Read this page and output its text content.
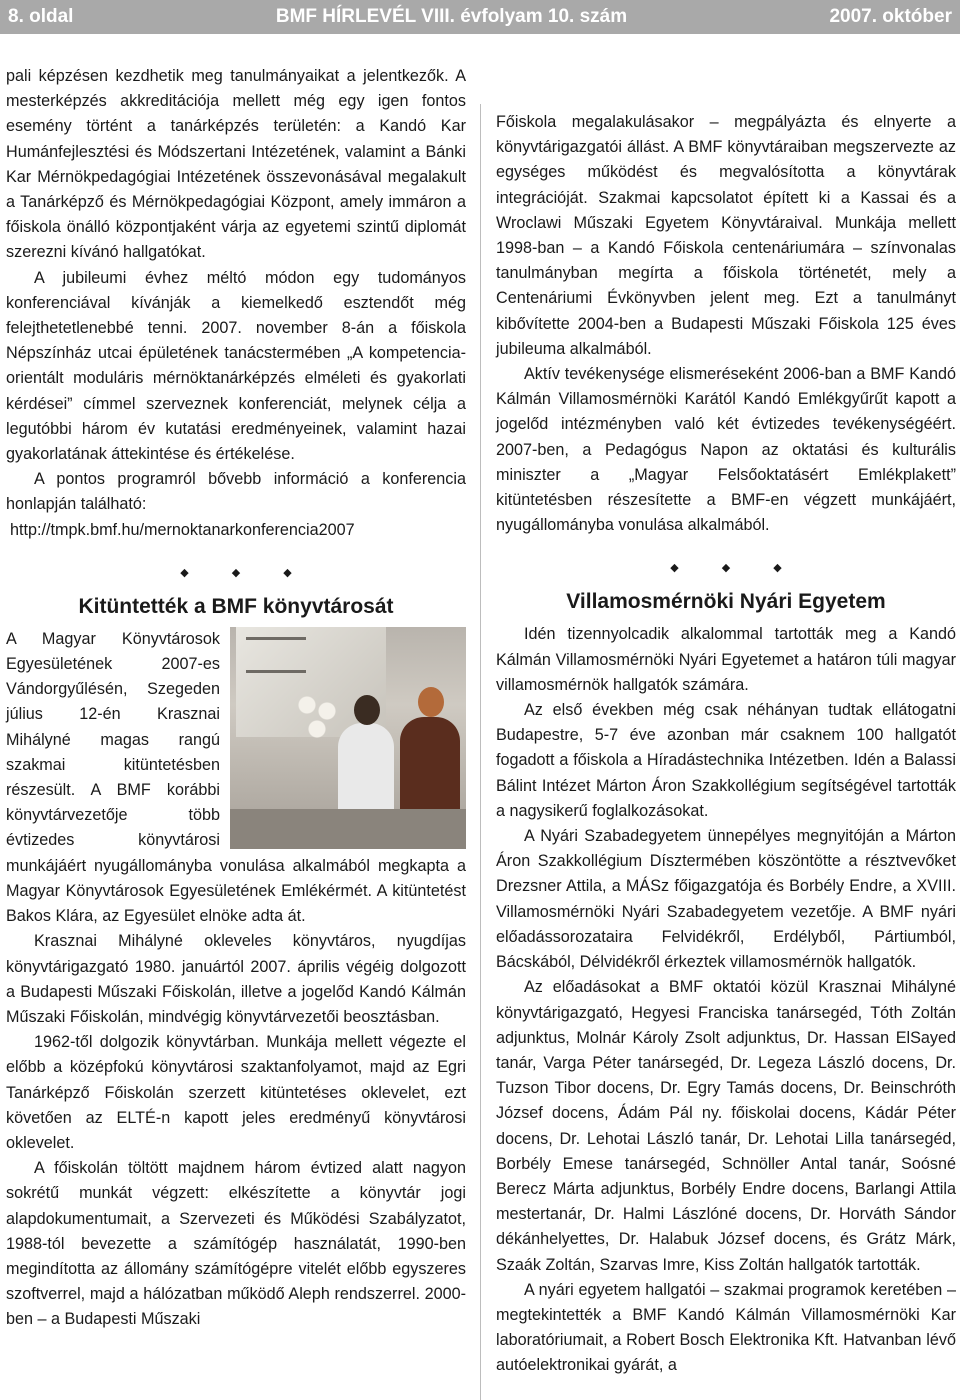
8. oldal	BMF HÍRLEVÉL VIII. évfolyam 10. szám	2007. október

pali képzésen kezdhetik meg tanulmányaikat a jelentkezők. A mesterképzés akkreditációja mellett még egy igen fontos esemény történt a tanárképzés területén: a Kandó Kar Humánfejlesztési és Módszertani Intézetének, valamint a Bánki Kar Mérnökpedagógiai Intézetének összevonásával megalakult a Tanárképző és Mérnökpedagógiai Központ, amely immáron a főiskola önálló központjaként várja az egyetemi szintű diplomát szerezni kívánó hallgatókat.

A jubileumi évhez méltó módon egy tudományos konferenciával kívánják a kiemelkedő esztendőt még felejthetetlenebbé tenni. 2007. november 8-án a főiskola Népszínház utcai épületének tanácstermében „A kompetencia-orientált moduláris mérnöktanárképzés elméleti és gyakorlati kérdései” címmel szerveznek konferenciát, melynek célja a legutóbbi három év kutatási eredményeinek, valamint hazai gyakorlatának áttekintése és értékelése.

A pontos programról bővebb információ a konferencia honlapján található:

http://tmpk.bmf.hu/mernoktanarkonferencia2007

◆ ◆ ◆
Kitüntették a BMF könyvtárosát

A Magyar Könyvtárosok Egyesületének 2007-es Vándorgyűlésén, Szegeden július 12-én Krasznai Mihályné magas rangú szakmai kitüntetésben részesült. A BMF korábbi könyvtárvezetője több évtizedes könyvtárosi munkájáért nyugállományba vonulása alkalmából megkapta a Magyar Könyvtárosok Egyesületének Emlékérmét. A kitüntetést Bakos Klára, az Egyesület elnöke adta át.

Krasznai Mihályné okleveles könyvtáros, nyugdíjas könyvtárigazgató 1980. januártól 2007. április végéig dolgozott a Budapesti Műszaki Főiskolán, illetve a jogelőd Kandó Kálmán Műszaki Főiskolán, mindvégig könyvtárvezetői beosztásban.

1962-től dolgozik könyvtárban. Munkája mellett végezte el előbb a középfokú könyvtárosi szaktanfolyamot, majd az Egri Tanárképző Főiskolán szerzett kitüntetéses oklevelet, ezt követően az ELTÉ-n kapott jeles eredményű könyvtárosi oklevelet.

A főiskolán töltött majdnem három évtized alatt nagyon sokrétű munkát végzett: elkészítette a könyvtár jogi alapdokumentumait, a Szervezeti és Működési Szabályzatot, 1988-tól bevezette a számítógép használatát, 1990-ben megindította az állomány számítógépre vitelét előbb egyszeres szoftverrel, majd a hálózatban működő Aleph rendszerrel. 2000-ben – a Budapesti Műszaki

Főiskola megalakulásakor – megpályázta és elnyerte a könyvtárigazgatói állást. A BMF könyvtáraiban megszervezte az egységes működést és megvalósította a könyvtárak integrációját. Szakmai kapcsolatot épített ki a Kassai és a Wroclawi Műszaki Egyetem Könyvtáraival. Munkája mellett 1998-ban – a Kandó Főiskola centenáriumára – színvonalas tanulmányban megírta a főiskola történetét, mely a Centenáriumi Évkönyvben jelent meg. Ezt a tanulmányt kibővítette 2004-ben a Budapesti Műszaki Főiskola 125 éves jubileuma alkalmából.

Aktív tevékenysége elismeréseként 2006-ban a BMF Kandó Kálmán Villamosmérnöki Karától Kandó Emlékgyűrűt kapott a jogelőd intézményben való két évtizedes tevékenységéért. 2007-ben, a Pedagógus Napon az oktatási és kulturális miniszter a „Magyar Felsőoktatásért Emlékplakett” kitüntetésben részesítette a BMF-en végzett munkájáért, nyugállományba vonulása alkalmából.

◆ ◆ ◆
Villamosmérnöki Nyári Egyetem

Idén tizennyolcadik alkalommal tartották meg a Kandó Kálmán Villamosmérnöki Nyári Egyetemet a határon túli magyar villamosmérnök hallgatók számára.

Az első években még csak néhányan tudtak ellátogatni Budapestre, 5-7 éve azonban már csaknem 100 hallgatót fogadott a főiskola a Híradástechnika Intézetben. Idén a Balassi Bálint Intézet Márton Áron Szakkollégium segítségével tartották a nagysikerű foglalkozásokat.

A Nyári Szabadegyetem ünnepélyes megnyitóján a Márton Áron Szakkollégium Dísztermében köszöntötte a résztvevőket Drezsner Attila, a MÁSz főigazgatója és Borbély Endre, a XVIII. Villamosmérnöki Nyári Szabadegyetem vezetője. A BMF nyári előadássorozataira Felvidékről, Erdélyből, Pártiumból, Bácskából, Délvidékről érkeztek villamosmérnök hallgatók.

Az előadásokat a BMF oktatói közül Krasznai Mihályné könyvtárigazgató, Hegyesi Franciska tanársegéd, Tóth Zoltán adjunktus, Molnár Károly Zsolt adjunktus, Dr. Hassan ElSayed tanár, Varga Péter tanársegéd, Dr. Legeza László docens, Dr. Tuzson Tibor docens, Dr. Egry Tamás docens, Dr. Beinschróth József docens, Ádám Pál ny. főiskolai docens, Kádár Péter docens, Dr. Lehotai László tanár, Dr. Lehotai Lilla tanársegéd, Borbély Emese tanársegéd, Schnöller Antal tanár, Soósné Berecz Márta adjunktus, Borbély Endre docens, Barlangi Attila mestertanár, Dr. Halmi Lászlóné docens, Dr. Horváth Sándor dékánhelyettes, Dr. Halabuk József docens, és Grátz Márk, Szaák Zoltán, Szarvas Imre, Kiss Zoltán hallgatók tartották.

A nyári egyetem hallgatói – szakmai programok keretében – megtekintették a BMF Kandó Kálmán Villamosmérnöki Kar laboratóriumait, a Robert Bosch Elektronika Kft. Hatvanban lévő autóelektronikai gyárát, a
